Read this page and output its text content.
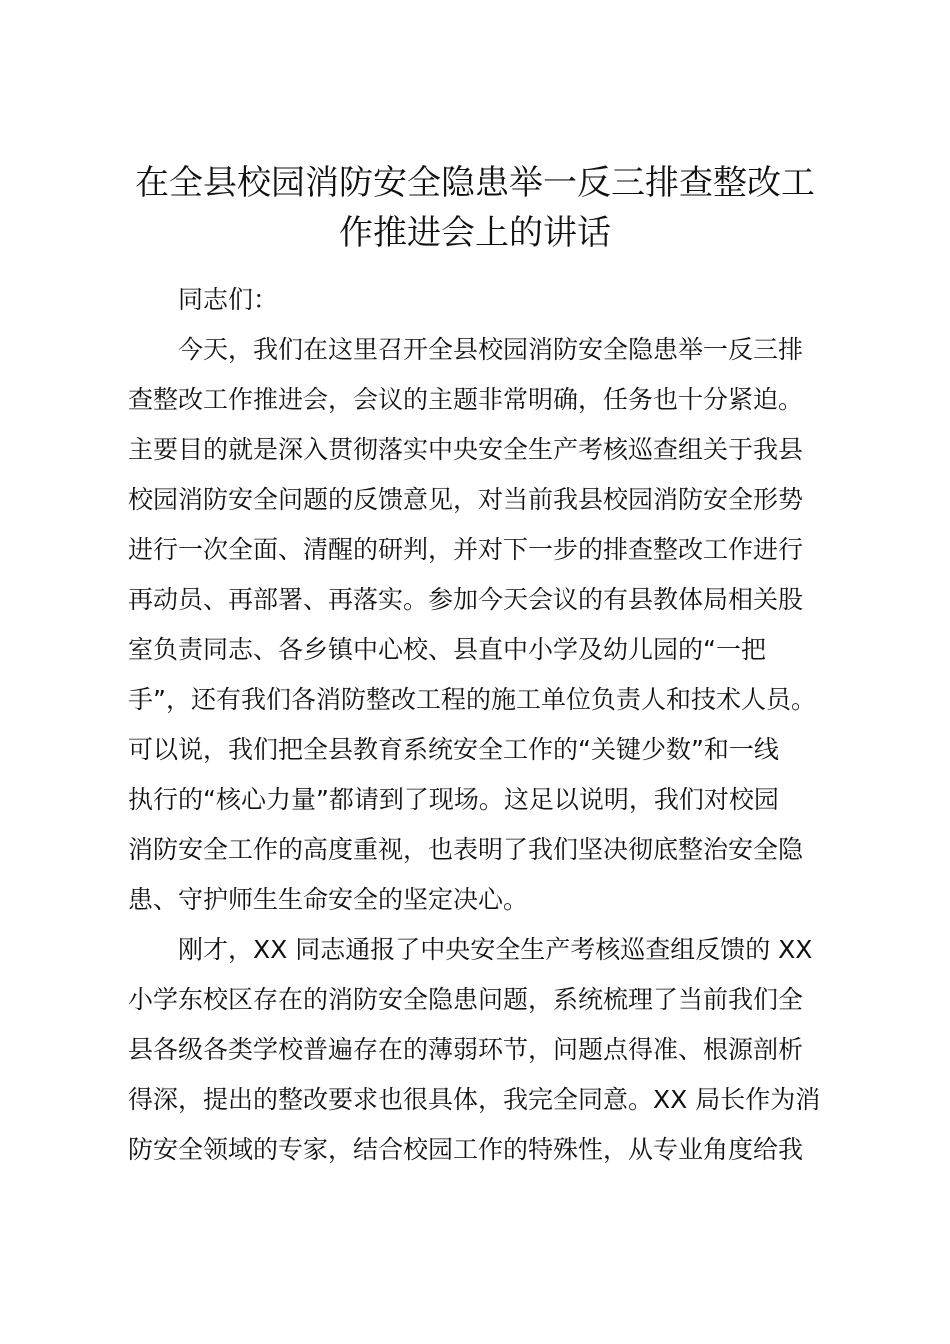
在全县校园消防安全隐患举一反三排查整改工
作推进会上的讲话
同志们：
今天，我们在这里召开全县校园消防安全隐患举一反三排
查整改工作推进会，会议的主题非常明确，任务也十分紧迫。
主要目的就是深入贯彻落实中央安全生产考核巡查组关于我县
校园消防安全问题的反馈意见，对当前我县校园消防安全形势
进行一次全面、清醒的研判，并对下一步的排查整改工作进行
再动员、再部署、再落实。参加今天会议的有县教体局相关股
室负责同志、各乡镇中心校、县直中小学及幼儿园的“一把
手”，还有我们各消防整改工程的施工单位负责人和技术人员。
可以说，我们把全县教育系统安全工作的“关键少数”和一线
执行的“核心力量”都请到了现场。这足以说明，我们对校园
消防安全工作的高度重视，也表明了我们坚决彻底整治安全隐
患、守护师生生命安全的坚定决心。
刚才，XX 同志通报了中央安全生产考核巡查组反馈的 XX
小学东校区存在的消防安全隐患问题，系统梳理了当前我们全
县各级各类学校普遍存在的薄弱环节，问题点得准、根源剖析
得深，提出的整改要求也很具体，我完全同意。XX 局长作为消
防安全领域的专家，结合校园工作的特殊性，从专业角度给我
